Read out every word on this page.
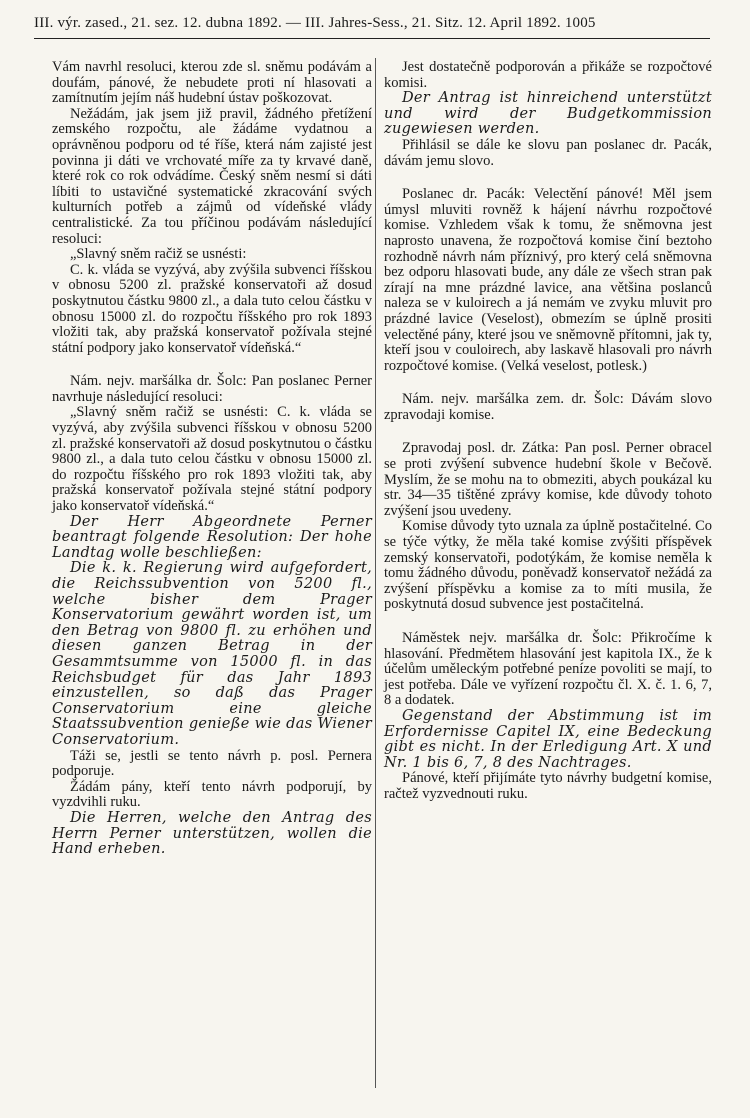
III. výr. zased., 21. sez. 12. dubna 1892. — III. Jahres-Sess., 21. Sitz. 12. April 1892. 1005

Vám navrhl resoluci, kterou zde sl. sněmu podávám a doufám, pánové, že nebudete proti ní hlasovati a zamítnutím jejím náš hudební ústav poškozovat.

Nežádám, jak jsem již pravil, žádného přetížení zemského rozpočtu, ale žádáme vydatnou a oprávněnou podporu od té říše, která nám zajisté jest povinna ji dáti ve vrchovaté míře za ty krvavé daně, které rok co rok odvádíme. Český sněm nesmí si dáti líbiti to ustavičné systematické zkracování svých kulturních potřeb a zájmů od vídeňské vlády centralistické. Za tou příčinou podávám následující resoluci:

„Slavný sněm račiž se usnésti:

C. k. vláda se vyzývá, aby zvýšila subvenci říšskou v obnosu 5200 zl. pražské konservatoři až dosud poskytnutou částku 9800 zl., a dala tuto celou částku v obnosu 15000 zl. do rozpočtu říšského pro rok 1893 vložiti tak, aby pražská konservatoř požívala stejné státní podpory jako konservatoř vídeňská.“

Nám. nejv. maršálka dr. Šolc: Pan poslanec Perner navrhuje následující resoluci:

„Slavný sněm račiž se usnésti: C. k. vláda se vyzývá, aby zvýšila subvenci říšskou v obnosu 5200 zl. pražské konservatoři až dosud poskytnutou o částku 9800 zl., a dala tuto celou částku v obnosu 15000 zl. do rozpočtu říšského pro rok 1893 vložiti tak, aby pražská konservatoř požívala stejné státní podpory jako konservatoř vídeňská.“

Der Herr Abgeordnete Perner beantragt folgende Resolution: Der hohe Landtag wolle beschließen:

Die k. k. Regierung wird aufgefordert, die Reichssubvention von 5200 fl., welche bisher dem Prager Konservatorium gewährt worden ist, um den Betrag von 9800 fl. zu erhöhen und diesen ganzen Betrag in der Gesammtsumme von 15000 fl. in das Reichsbudget für das Jahr 1893 einzustellen, so daß das Prager Conservatorium eine gleiche Staatssubvention genieße wie das Wiener Conservatorium.

Táži se, jestli se tento návrh p. posl. Pernera podporuje.

Žádám pány, kteří tento návrh podporují, by vyzdvihli ruku.

Die Herren, welche den Antrag des Herrn Perner unterstützen, wollen die Hand erheben.

Jest dostatečně podporován a přikáže se rozpočtové komisi.

Der Antrag ist hinreichend unterstützt und wird der Budgetkommission zugewiesen werden.

Přihlásil se dále ke slovu pan poslanec dr. Pacák, dávám jemu slovo.

Poslanec dr. Pacák: Velectění pánové! Měl jsem úmysl mluviti rovněž k hájení návrhu rozpočtové komise. Vzhledem však k tomu, že sněmovna jest naprosto unavena, že rozpočtová komise činí beztoho rozhodně návrh nám příznivý, pro který celá sněmovna bez odporu hlasovati bude, any dále ze všech stran pak zírají na mne prázdné lavice, ana většina poslanců naleza se v kuloirech a já nemám ve zvyku mluvit pro prázdné lavice (Veselost), obmezím se úplně prositi velectěné pány, které jsou ve sněmovně přítomni, jak ty, kteří jsou v couloirech, aby laskavě hlasovali pro návrh rozpočtové komise. (Velká veselost, potlesk.)

Nám. nejv. maršálka zem. dr. Šolc: Dávám slovo zpravodaji komise.

Zpravodaj posl. dr. Zátka: Pan posl. Perner obracel se proti zvýšení subvence hudební škole v Bečově. Myslím, že se mohu na to obmeziti, abych poukázal ku str. 34—35 tištěné zprávy komise, kde důvody tohoto zvýšení jsou uvedeny.

Komise důvody tyto uznala za úplně postačitelné. Co se týče výtky, že měla také komise zvýšiti příspěvek zemský konservatoři, podotýkám, že komise neměla k tomu žádného důvodu, poněvadž konservatoř nežádá za zvýšení příspěvku a komise za to míti musila, že poskytnutá dosud subvence jest postačitelná.

Náměstek nejv. maršálka dr. Šolc: Přikročíme k hlasování. Předmětem hlasování jest kapitola IX., že k účelům uměleckým potřebné peníze povoliti se mají, to jest potřeba. Dále ve vyřízení rozpočtu čl. X. č. 1. 6, 7, 8 a dodatek.

Gegenstand der Abstimmung ist im Erfordernisse Capitel IX, eine Bedeckung gibt es nicht. In der Erledigung Art. X und Nr. 1 bis 6, 7, 8 des Nachtrages.

Pánové, kteří přijímáte tyto návrhy budgetní komise, račtež vyzvednouti ruku.
